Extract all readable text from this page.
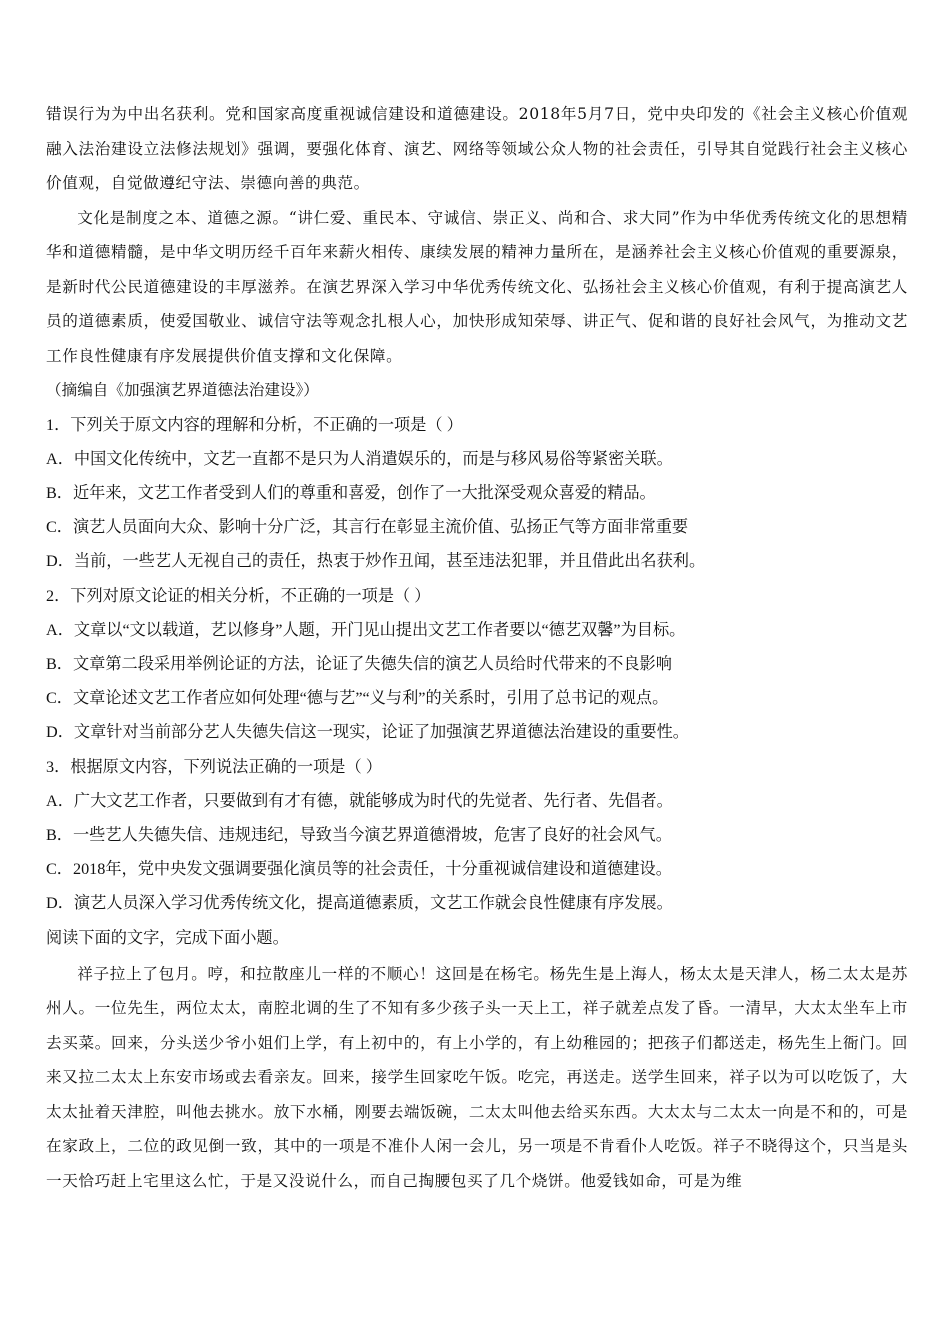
错误行为为中出名获利。党和国家高度重视诚信建设和道德建设。2018年5月7日，党中央印发的《社会主义核心价值观融入法治建设立法修法规划》强调，要强化体育、演艺、网络等领域公众人物的社会责任，引导其自觉践行社会主义核心价值观，自觉做遵纪守法、崇德向善的典范。

文化是制度之本、道德之源。“讲仁爱、重民本、守诚信、崇正义、尚和合、求大同”作为中华优秀传统文化的思想精华和道德精髓，是中华文明历经千百年来薪火相传、康续发展的精神力量所在，是涵养社会主义核心价值观的重要源泉，是新时代公民道德建设的丰厚滋养。在演艺界深入学习中华优秀传统文化、弘扬社会主义核心价值观，有利于提高演艺人员的道德素质，使爱国敬业、诚信守法等观念扎根人心，加快形成知荣辱、讲正气、促和谐的良好社会风气，为推动文艺工作良性健康有序发展提供价值支撑和文化保障。

（摘编自《加强演艺界道德法治建设》）

1．下列关于原文内容的理解和分析，不正确的一项是（ ）

A．中国文化传统中，文艺一直都不是只为人消遣娱乐的，而是与移风易俗等紧密关联。

B．近年来，文艺工作者受到人们的尊重和喜爱，创作了一大批深受观众喜爱的精品。

C．演艺人员面向大众、影响十分广泛，其言行在彰显主流价值、弘扬正气等方面非常重要

D．当前，一些艺人无视自己的责任，热衷于炒作丑闻，甚至违法犯罪，并且借此出名获利。

2．下列对原文论证的相关分析，不正确的一项是（ ）

A．文章以“文以载道，艺以修身”人题，开门见山提出文艺工作者要以“德艺双馨”为目标。

B．文章第二段采用举例论证的方法，论证了失德失信的演艺人员给时代带来的不良影响

C．文章论述文艺工作者应如何处理“德与艺”“义与利”的关系时，引用了总书记的观点。

D．文章针对当前部分艺人失德失信这一现实，论证了加强演艺界道德法治建设的重要性。

3．根据原文内容，下列说法正确的一项是（ ）

A．广大文艺工作者，只要做到有才有德，就能够成为时代的先觉者、先行者、先倡者。

B．一些艺人失德失信、违规违纪，导致当今演艺界道德滑坡，危害了良好的社会风气。

C．2018年，党中央发文强调要强化演员等的社会责任，十分重视诚信建设和道德建设。

D．演艺人员深入学习优秀传统文化，提高道德素质，文艺工作就会良性健康有序发展。

阅读下面的文字，完成下面小题。

祥子拉上了包月。哼，和拉散座儿一样的不顺心！这回是在杨宅。杨先生是上海人，杨太太是天津人，杨二太太是苏州人。一位先生，两位太太，南腔北调的生了不知有多少孩子头一天上工，祥子就差点发了昏。一清早，大太太坐车上市去买菜。回来，分头送少爷小姐们上学，有上初中的，有上小学的，有上幼稚园的；把孩子们都送走，杨先生上衙门。回来又拉二太太上东安市场或去看亲友。回来，接学生回家吃午饭。吃完，再送走。送学生回来，祥子以为可以吃饭了，大太太扯着天津腔，叫他去挑水。放下水桶，刚要去端饭碗，二太太叫他去给买东西。大太太与二太太一向是不和的，可是在家政上，二位的政见倒一致，其中的一项是不准仆人闲一会儿，另一项是不肯看仆人吃饭。祥子不晓得这个，只当是头一天恰巧赶上宅里这么忙，于是又没说什么，而自己掏腰包买了几个烧饼。他爱钱如命，可是为维
